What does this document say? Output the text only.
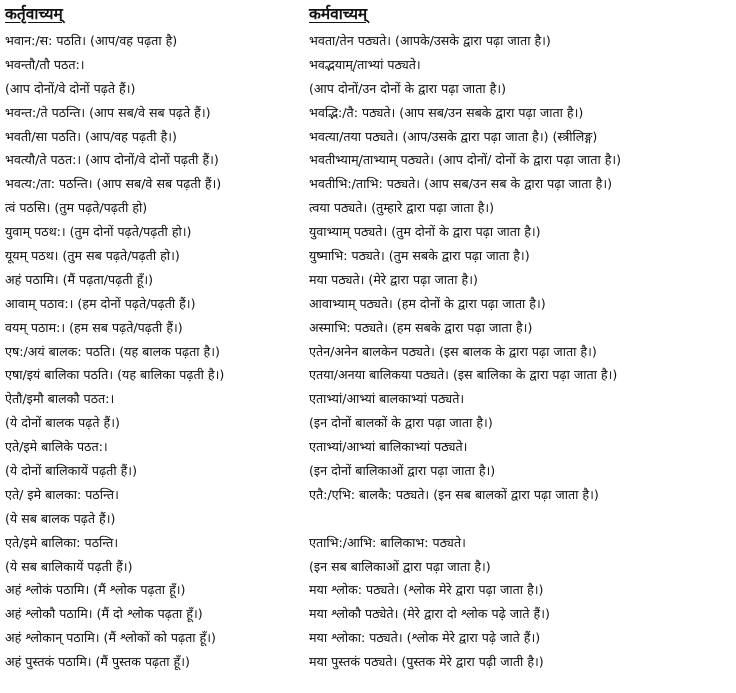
कर्तृवाच्यम्	कर्मवाच्यम्
भवान:/स: पठति। (आप/वह पढ़ता है)	भवता/तेन पठ्यते। (आपके/उसके द्वारा पढ़ा जाता है।)
भवन्तौ/तौ पठत:।	भवद्भयाम्/ताभ्यां पठ्यते।
(आप दोनों/वे दोनों पढ़ते हैं।)	(आप दोनों/उन दोनों के द्वारा पढ़ा जाता है।)
भवन्त:/ते पठन्ति। (आप सब/वे सब पढ़ते हैं।)	भवद्भि:/तै: पठ्यते। (आप सब/उन सबके द्वारा पढ़ा जाता है।)
भवती/सा पठति। (आप/वह पढ़ती है।)	भवत्या/तया पठ्यते। (आप/उसके द्वारा पढ़ा जाता है।) (स्त्रीलिङ्ग)
भवत्यौ/ते पठत:। (आप दोनों/वे दोनों पढ़ती हैं।)	भवतीभ्याम्/ताभ्याम् पठ्यते। (आप दोनों/ दोनों के द्वारा पढ़ा जाता है।)
भवत्य:/ता: पठन्ति। (आप सब/वे सब पढ़ती हैं।)	भवतीभि:/ताभि: पठ्यते। (आप सब/उन सब के द्वारा पढ़ा जाता है।)
त्वं पठसि। (तुम पढ़ते/पढ़ती हो)	त्वया पठ्यते। (तुम्हारे द्वारा पढ़ा जाता है।)
युवाम् पठथ:। (तुम दोनों पढ़ते/पढ़ती हो।)	युवाभ्याम् पठ्यते। (तुम दोनों के द्वारा पढ़ा जाता है।)
यूयम् पठथ। (तुम सब पढ़ते/पढ़ती हो।)	युष्माभि: पठ्यते। (तुम सबके द्वारा पढ़ा जाता है।)
अहं पठामि। (मैं पढ़ता/पढ़ती हूँ।)	मया पठ्यते। (मेरे द्वारा पढ़ा जाता है।)
आवाम् पठाव:। (हम दोनों पढ़ते/पढ़ती हैं।)	आवाभ्याम् पठ्यते। (हम दोनों के द्वारा पढ़ा जाता है।)
वयम् पठाम:। (हम सब पढ़ते/पढ़ती हैं।)	अस्माभि: पठ्यते। (हम सबके द्वारा पढ़ा जाता है।)
एष:/अयं बालक: पठति। (यह बालक पढ़ता है।)	एतेन/अनेन बालकेन पठ्यते। (इस बालक के द्वारा पढ़ा जाता है।)
एषा/इयं बालिका पठति। (यह बालिका पढ़ती है।)	एतया/अनया बालिकया पठ्यते। (इस बालिका के द्वारा पढ़ा जाता है।)
ऐतौ/इमौ बालकौ पठत:।	एताभ्यां/आभ्यां बालकाभ्यां पठ्यते।
(ये दोनों बालक पढ़ते हैं।)	(इन दोनों बालकों के द्वारा पढ़ा जाता है।)
एते/इमे बालिके पठत:।	एताभ्यां/आभ्यां बालिकाभ्यां पठ्यते।
(ये दोनों बालिकायें पढ़ती हैं।)	(इन दोनों बालिकाओं द्वारा पढ़ा जाता है।)
एते/ इमे बालका: पठन्ति।	एतै:/एभि: बालकै: पठ्यते। (इन सब बालकों द्वारा पढ़ा जाता है।)
(ये सब बालक पढ़ते हैं।)
एते/इमे बालिका: पठन्ति।	एताभि:/आभि: बालिकाभ: पठ्यते।
(ये सब बालिकायें पढ़ती हैं।)	(इन सब बालिकाओं द्वारा पढ़ा जाता है।)
अहं श्लोकं पठामि। (मैं श्लोक पढ़ता हूँ।)	मया श्लोक: पठ्यते। (श्लोक मेरे द्वारा पढ़ा जाता है।)
अहं श्लोकौ पठामि। (मैं दो श्लोक पढ़ता हूँ।)	मया श्लोकौ पठ्येते। (मेरे द्वारा दो श्लोक पढ़े जाते हैं।)
अहं श्लोकान् पठामि। (मैं श्लोकों को पढ़ता हूँ।)	मया श्लोका: पठ्यते। (श्लोक मेरे द्वारा पढ़े जाते हैं।)
अहं पुस्तकं पठामि। (मैं पुस्तक पढ़ता हूँ।)	मया पुस्तकं पठ्यते। (पुस्तक मेरे द्वारा पढ़ी जाती है।)
